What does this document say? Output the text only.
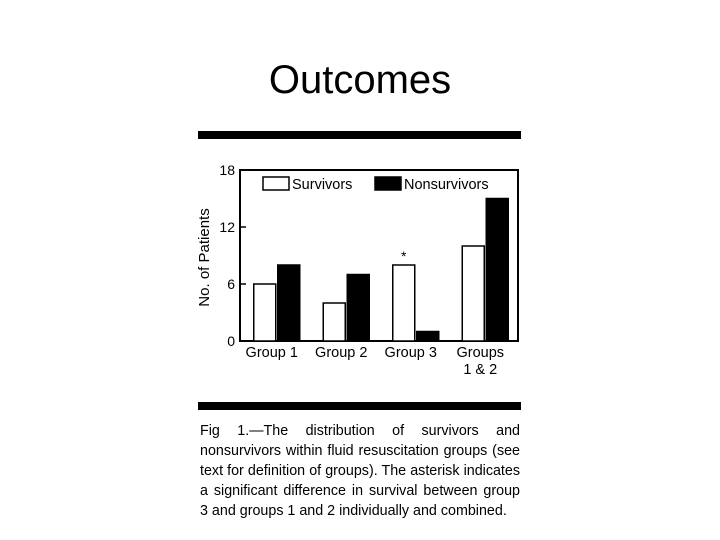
Outcomes
0
6
12
18
No. of Patients	*
Group 1 Group 2 Group 3 Groups 1 & 2
Survivors	Nonsurvivors
Fig 1.—The distribution of survivors and nonsurvivors within fluid resuscitation groups (see text for definition of groups). The asterisk indicates a significant difference in survival between group 3 and groups 1 and 2 individually and combined.
